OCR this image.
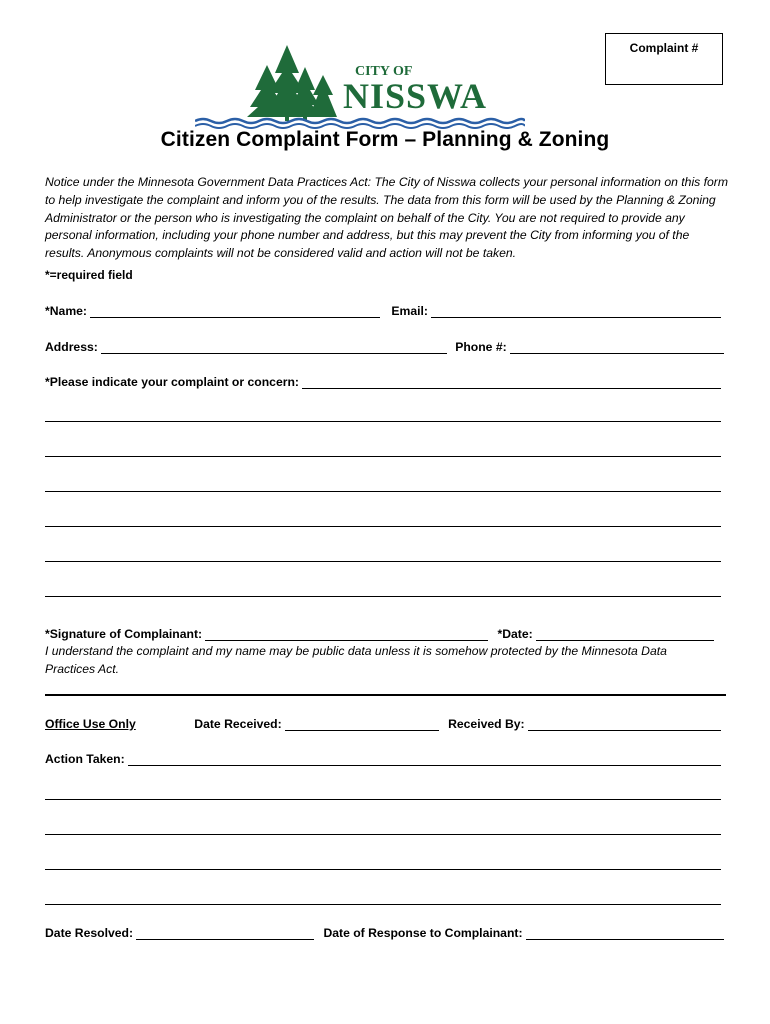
Complaint #
CITY OF
NISSWA
Citizen Complaint Form – Planning & Zoning
Notice under the Minnesota Government Data Practices Act: The City of Nisswa collects your personal information on this form to help investigate the complaint and inform you of the results. The data from this form will be used by the Planning & Zoning Administrator or the person who is investigating the complaint on behalf of the City. You are not required to provide any personal information, including your phone number and address, but this may prevent the City from informing you of the results. Anonymous complaints will not be considered valid and action will not be taken.
*=required field
*Name:	Email:
Address:	Phone #:
*Please indicate your complaint or concern:
*Signature of Complainant:	*Date:
I understand the complaint and my name may be public data unless it is somehow protected by the Minnesota Data Practices Act.
Office Use Only	Date Received:	Received By:
Action Taken:
Date Resolved:	Date of Response to Complainant:
